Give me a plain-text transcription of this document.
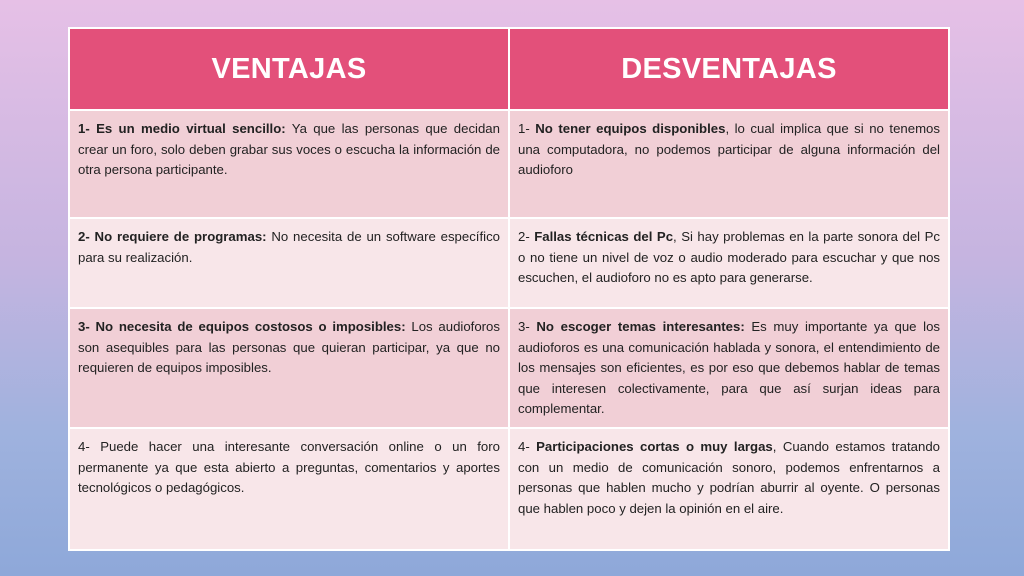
VENTAJAS	DESVENTAJAS

1- Es un medio virtual sencillo: Ya que las personas que decidan crear un foro, solo deben grabar sus voces o escucha la información de otra persona participante.	1- No tener equipos disponibles, lo cual implica que si no tenemos una computadora, no podemos participar de alguna información del audioforo

2- No requiere de programas: No necesita de un software específico para su realización.	2- Fallas técnicas del Pc, Si hay problemas en la parte sonora del Pc o no tiene un nivel de voz o audio moderado para escuchar y que nos escuchen, el audioforo no es apto para generarse.

3- No necesita de equipos costosos o imposibles: Los audioforos son asequibles para las personas que quieran participar, ya que no requieren de equipos imposibles.	3- No escoger temas interesantes: Es muy importante ya que los audioforos es una comunicación hablada y sonora, el entendimiento de los mensajes son eficientes, es por eso que debemos hablar de temas que interesen colectivamente, para que así surjan ideas para complementar.

4- Puede hacer una interesante conversación online o un foro permanente ya que esta abierto a preguntas, comentarios y aportes tecnológicos o pedagógicos.	4- Participaciones cortas o muy largas, Cuando estamos tratando con un medio de comunicación sonoro, podemos enfrentarnos a personas que hablen mucho y podrían aburrir al oyente. O personas que hablen poco y dejen la opinión en el aire.
